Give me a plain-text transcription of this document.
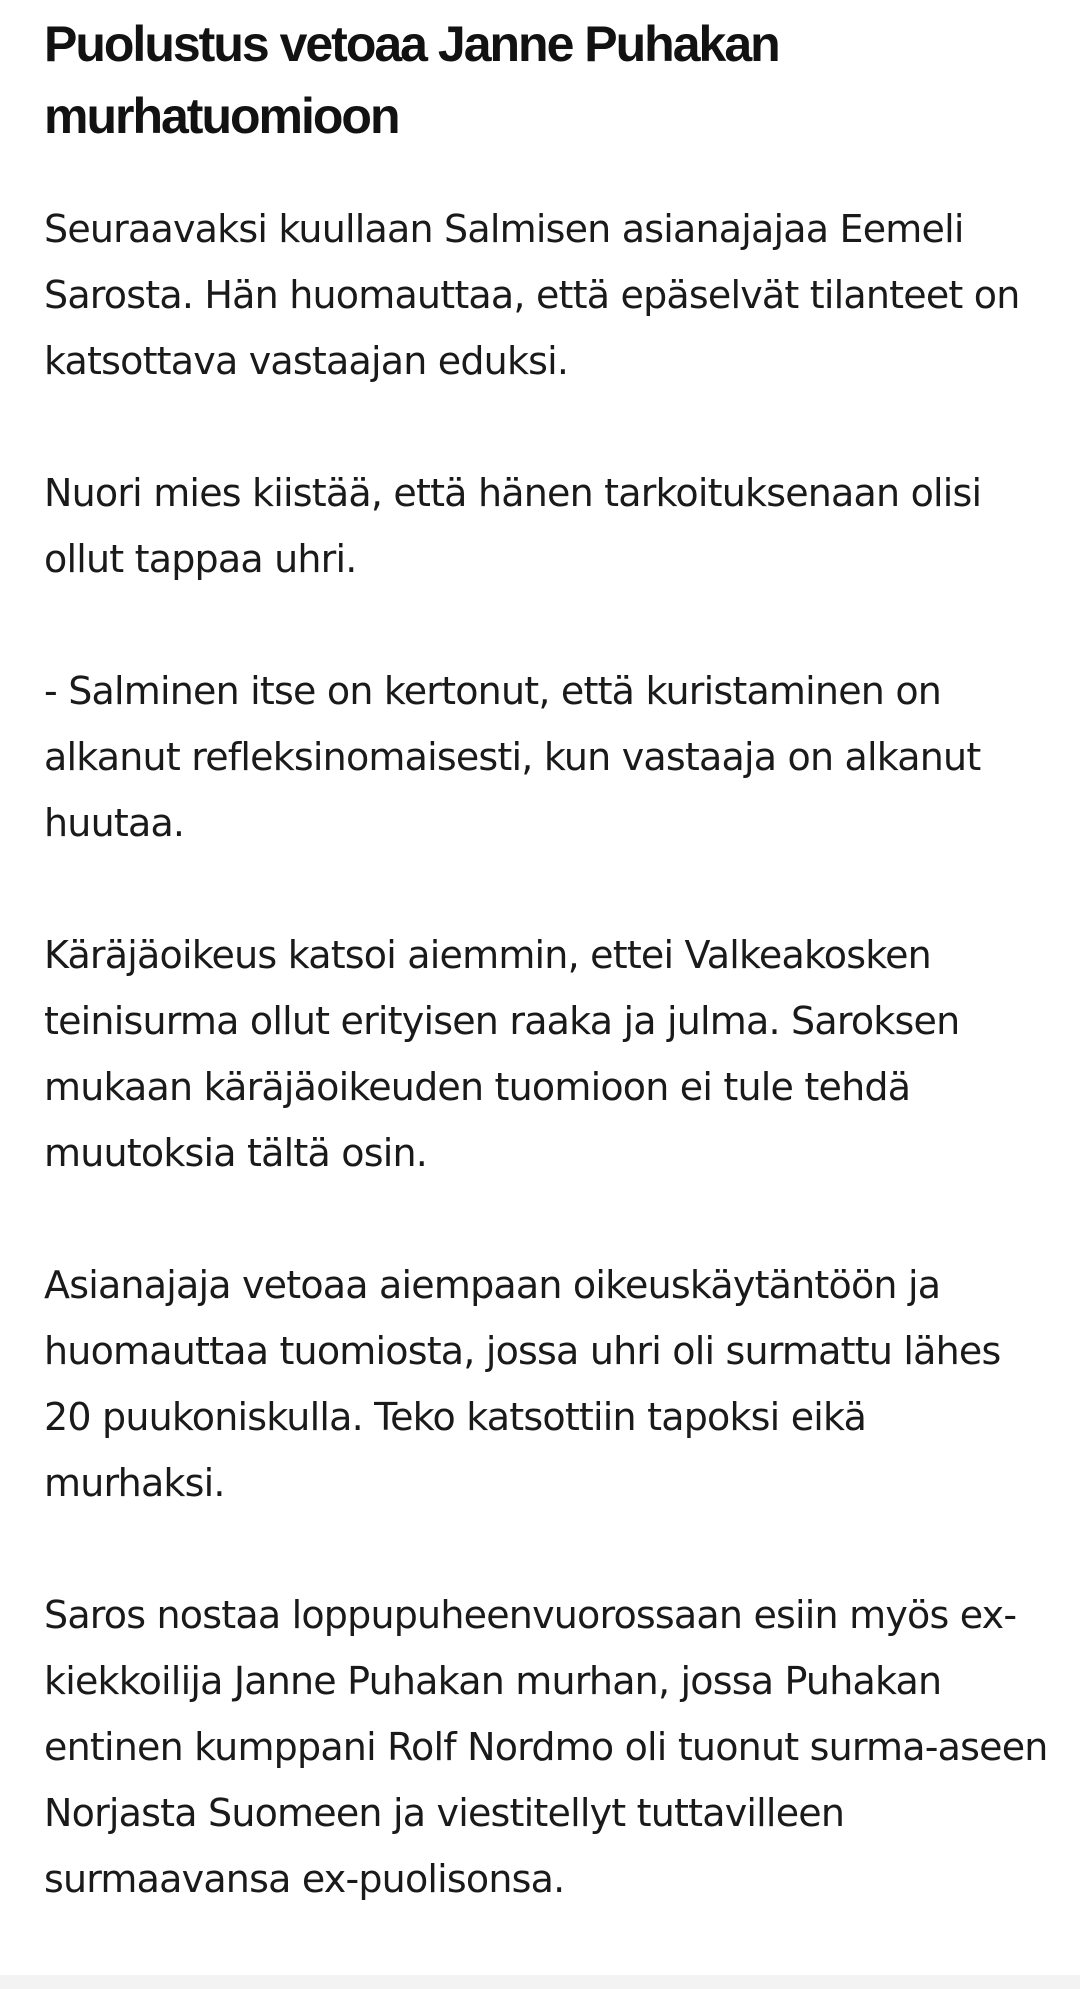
Puolustus vetoaa Janne Puhakan
murhatuomioon

Seuraavaksi kuullaan Salmisen asianajajaa Eemeli Sarosta. Hän huomauttaa, että epäselvät tilanteet on katsottava vastaajan eduksi.

Nuori mies kiistää, että hänen tarkoituksenaan olisi ollut tappaa uhri.

- Salminen itse on kertonut, että kuristaminen on alkanut refleksinomaisesti, kun vastaaja on alkanut huutaa.

Käräjäoikeus katsoi aiemmin, ettei Valkeakosken teinisurma ollut erityisen raaka ja julma. Saroksen mukaan käräjäoikeuden tuomioon ei tule tehdä muutoksia tältä osin.

Asianajaja vetoaa aiempaan oikeuskäytäntöön ja huomauttaa tuomiosta, jossa uhri oli surmattu lähes 20 puukoniskulla. Teko katsottiin tapoksi eikä murhaksi.

Saros nostaa loppupuheenvuorossaan esiin myös ex-kiekkoilija Janne Puhakan murhan, jossa Puhakan entinen kumppani Rolf Nordmo oli tuonut surma-aseen Norjasta Suomeen ja viestitellyt tuttavilleen surmaavansa ex-puolisonsa.
